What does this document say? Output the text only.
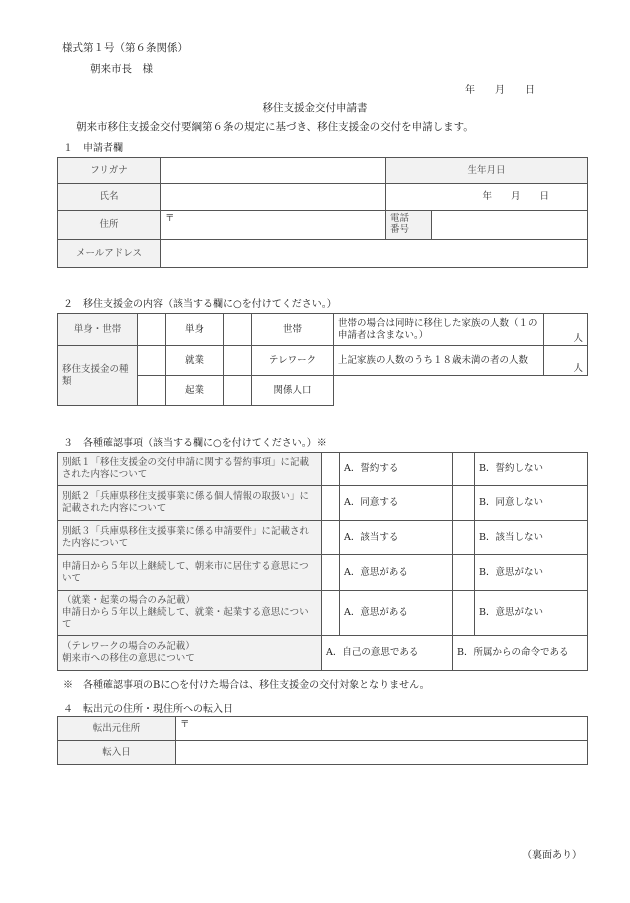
様式第１号（第６条関係）
朝来市長　様
年　　月　　日
移住支援金交付申請書
朝来市移住支援金交付要綱第６条の規定に基づき、移住支援金の交付を申請します。
１　申請者欄
フリガナ		生年月日	
氏名		年　　月　　日	
住所	〒	電話
番号	
メールアドレス			
２　移住支援金の内容（該当する欄に○を付けてください。）
単身・世帯		単身		世帯	世帯の場合は同時に移住した家族の人数（１の申請者は含まない。）	人
移住支援金の種類		就業		テレワーク	上記家族の人数のうち１８歳未満の者の人数	人
		起業		関係人口		
３　各種確認事項（該当する欄に○を付けてください。）※
別紙１「移住支援金の交付申請に関する誓約事項」に記載された内容について		A．誓約する		B．誓約しない
別紙２「兵庫県移住支援事業に係る個人情報の取扱い」に記載された内容について		A．同意する		B．同意しない
別紙３「兵庫県移住支援事業に係る申請要件」に記載された内容について		A．該当する		B．該当しない
申請日から５年以上継続して、朝来市に居住する意思について		A．意思がある		B．意思がない
（就業・起業の場合のみ記載）
申請日から５年以上継続して、就業・起業する意思について		A．意思がある		B．意思がない
（テレワークの場合のみ記載）
朝来市への移住の意思について	A．自己の意思である		B．所属からの命令である	
※　各種確認事項のBに○を付けた場合は、移住支援金の交付対象となりません。
４　転出元の住所・現住所への転入日
転出元住所	〒
転入日	
（裏面あり）
